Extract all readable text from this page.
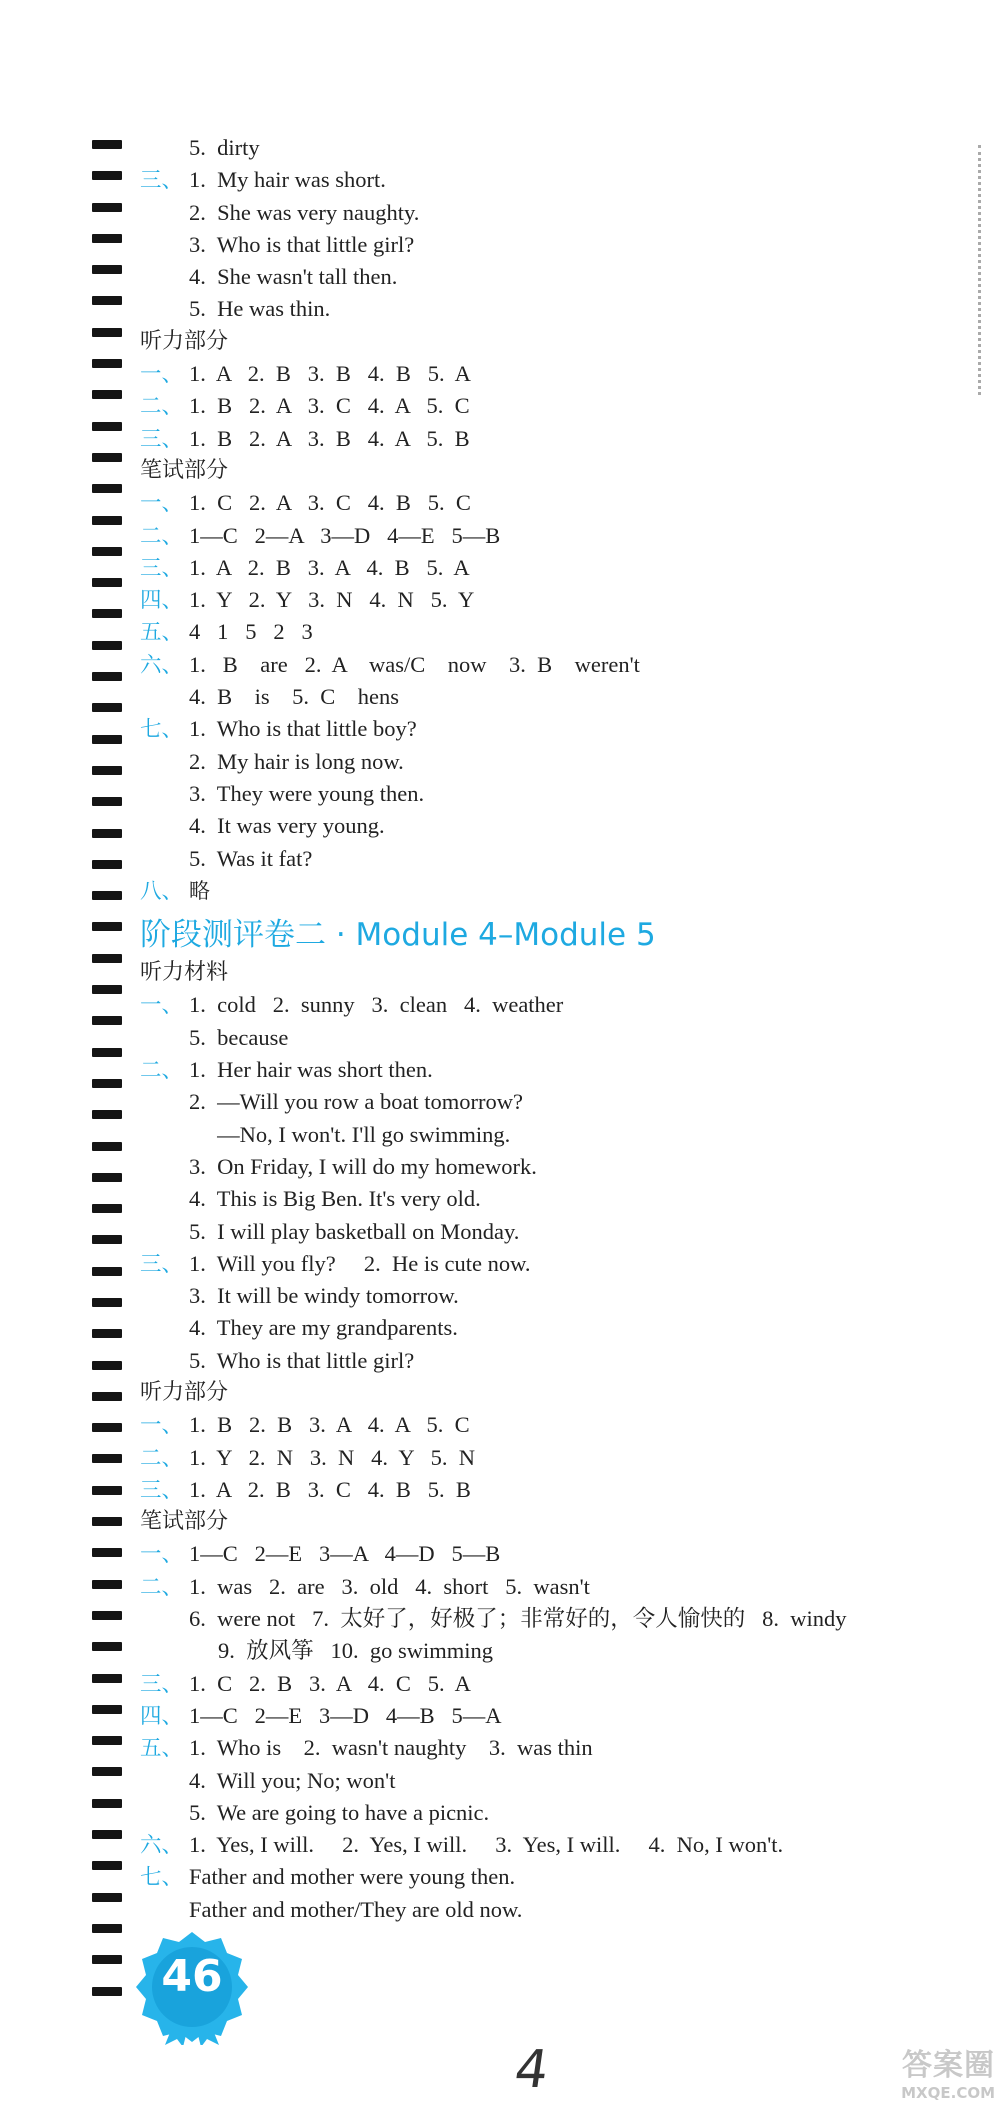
5.  dirty
三、 1.  My hair was short.
2.  She was very naughty.
3.  Who is that little girl?
4.  She wasn't tall then.
5.  He was thin.
听力部分
一、 1.  A   2.  B   3.  B   4.  B   5.  A
二、 1.  B   2.  A   3.  C   4.  A   5.  C
三、 1.  B   2.  A   3.  B   4.  A   5.  B
笔试部分
一、 1.  C   2.  A   3.  C   4.  B   5.  C
二、 1—C   2—A   3—D   4—E   5—B
三、 1.  A   2.  B   3.  A   4.  B   5.  A
四、 1.  Y   2.  Y   3.  N   4.  N   5.  Y
五、 4   1   5   2   3
六、 1.   B    are   2.  A    was/C    now    3.  B    weren't
4.  B    is    5.  C    hens
七、 1.  Who is that little boy?
2.  My hair is long now.
3.  They were young then.
4.  It was very young.
5.  Was it fat?
八、 略
阶段测评卷二 · Module 4–Module 5
听力材料
一、 1.  cold   2.  sunny   3.  clean   4.  weather
5.  because
二、 1.  Her hair was short then.
2.  —Will you row a boat tomorrow?
—No, I won't. I'll go swimming.
3.  On Friday, I will do my homework.
4.  This is Big Ben. It's very old.
5.  I will play basketball on Monday.
三、 1.  Will you fly?     2.  He is cute now.
3.  It will be windy tomorrow.
4.  They are my grandparents.
5.  Who is that little girl?
听力部分
一、 1.  B   2.  B   3.  A   4.  A   5.  C
二、 1.  Y   2.  N   3.  N   4.  Y   5.  N
三、 1.  A   2.  B   3.  C   4.  B   5.  B
笔试部分
一、 1—C   2—E   3—A   4—D   5—B
二、 1.  was   2.  are   3.  old   4.  short   5.  wasn't
6.  were not   7.  太好了，好极了；非常好的，令人愉快的   8.  windy
9.  放风筝   10.  go swimming
三、 1.  C   2.  B   3.  A   4.  C   5.  A
四、 1—C   2—E   3—D   4—B   5—A
五、 1.  Who is    2.  wasn't naughty    3.  was thin
4.  Will you; No; won't
5.  We are going to have a picnic.
六、 1.  Yes, I will.     2.  Yes, I will.     3.  Yes, I will.     4.  No, I won't.
七、 Father and mother were young then.
Father and mother/They are old now.
46
4	答案圈
MXQE.COM
